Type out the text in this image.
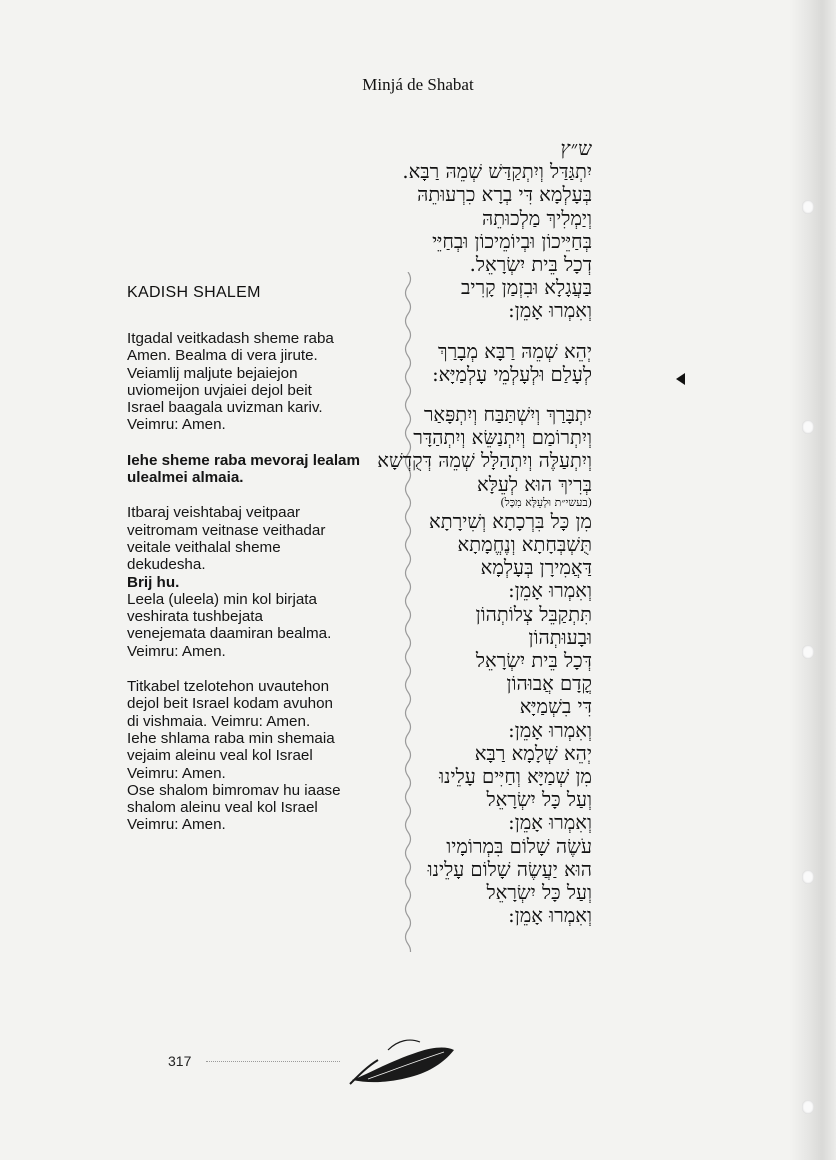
Minjá de Shabat
KADISH SHALEM

Itgadal veitkadash sheme raba
Amen. Bealma di vera jirute.
Veiamlij maljute bejaiejon
uviomeijon uvjaiei dejol beit
Israel baagala uvizman kariv.
Veimru: Amen.

Iehe sheme raba mevoraj lealam
ulealmei almaia.

Itbaraj veishtabaj veitpaar
veitromam veitnase veithadar
veitale veithalal sheme
dekudesha.
Brij hu.
Leela (uleela) min kol birjata
veshirata tushbejata
venejemata daamiran bealma.
Veimru: Amen.

Titkabel tzelotehon uvautehon
dejol beit Israel kodam avuhon
di vishmaia. Veimru: Amen.
Iehe shlama raba min shemaia
vejaim aleinu veal kol Israel
Veimru: Amen.
Ose shalom bimromav hu iaase
shalom aleinu veal kol Israel
Veimru: Amen.

ש״ץ
יִתְגַּדַּל וְיִתְקַדַּשׁ שְׁמֵהּ רַבָּא.
בְּעָלְמָא דִּי בְרָא כִרְעוּתֵהּ
וְיַמְלִיךְ מַלְכוּתֵהּ
בְּחַיֵּיכוֹן וּבְיוֹמֵיכוֹן וּבְחַיֵּי
דְכָל בֵּית יִשְׂרָאֵל.
בַּעֲגָלָא וּבִזְמַן קָרִיב
וְאִמְרוּ אָמֵן:

יְהֵא שְׁמֵהּ רַבָּא מְבָרַךְ
לְעָלַם וּלְעָלְמֵי עָלְמַיָּא:

יִתְבָּרַךְ וְיִשְׁתַּבַּח וְיִתְפָּאַר
וְיִתְרוֹמַם וְיִתְנַשֵּׂא וְיִתְהַדָּר
וְיִתְעַלֶּה וְיִתְהַלָּל שְׁמֵהּ דְּקֻדְשָׁא
בְּרִיךְ הוּא לְעֵלָּא
(בעשי״ת וּלְעֵלָּא מִכָּל)
מִן כָּל בִּרְכָתָא וְשִׁירָתָא
תֻּשְׁבְּחָתָא וְנֶחֱמָתָא
דַּאֲמִירָן בְּעָלְמָא
וְאִמְרוּ אָמֵן:
תִּתְקַבֵּל צְלוֹתְהוֹן
וּבָעוּתְהוֹן
דְּכָל בֵּית יִשְׂרָאֵל
קֳדָם אֲבוּהוֹן
דִּי בִשְׁמַיָּא
וְאִמְרוּ אָמֵן:
יְהֵא שְׁלָמָא רַבָּא
מִן שְׁמַיָּא וְחַיִּים עָלֵינוּ
וְעַל כָּל יִשְׂרָאֵל
וְאִמְרוּ אָמֵן:
עֹשֶׂה שָׁלוֹם בִּמְרוֹמָיו
הוּא יַעֲשֶׂה שָׁלוֹם עָלֵינוּ
וְעַל כָּל יִשְׂרָאֵל
וְאִמְרוּ אָמֵן:

317
